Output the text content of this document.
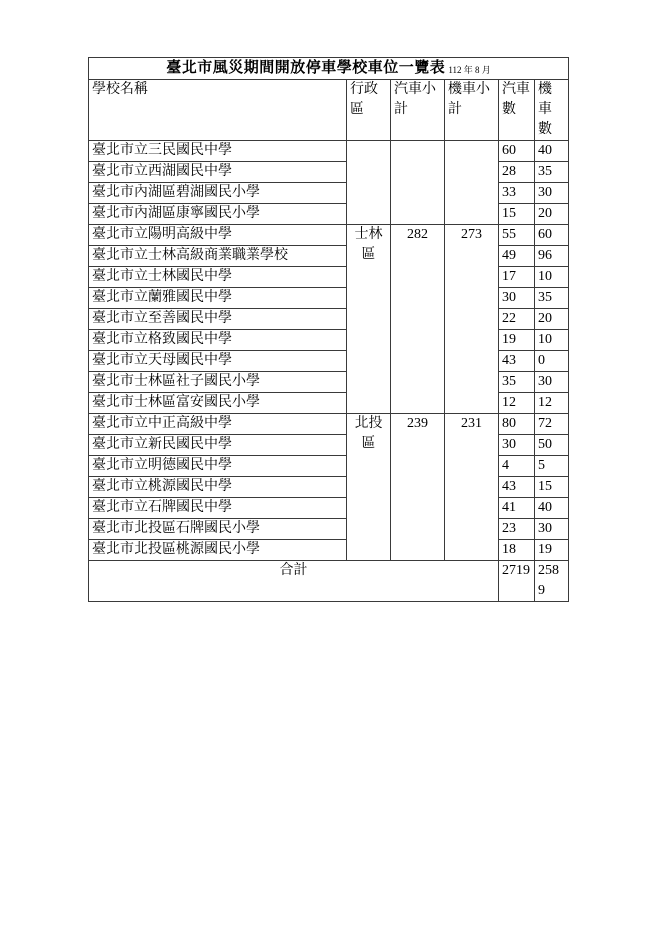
臺北市風災期間開放停車學校車位一覽表 112 年 8 月					
學校名稱	行政區	汽車小計	機車小計	汽車數	機車數
臺北市立三民國民中學				60	40
臺北市立西湖國民中學				28	35
臺北市內湖區碧湖國民小學				33	30
臺北市內湖區康寧國民小學				15	20
臺北市立陽明高級中學	士林區	282	273	55	60
臺北市立士林高級商業職業學校				49	96
臺北市立士林國民中學				17	10
臺北市立蘭雅國民中學				30	35
臺北市立至善國民中學				22	20
臺北市立格致國民中學				19	10
臺北市立天母國民中學				43	0
臺北市士林區社子國民小學				35	30
臺北市士林區富安國民小學				12	12
臺北市立中正高級中學	北投區	239	231	80	72
臺北市立新民國民中學				30	50
臺北市立明德國民中學				4	5
臺北市立桃源國民中學				43	15
臺北市立石牌國民中學				41	40
臺北市北投區石牌國民小學				23	30
臺北市北投區桃源國民小學				18	19
合計				2719	2589
